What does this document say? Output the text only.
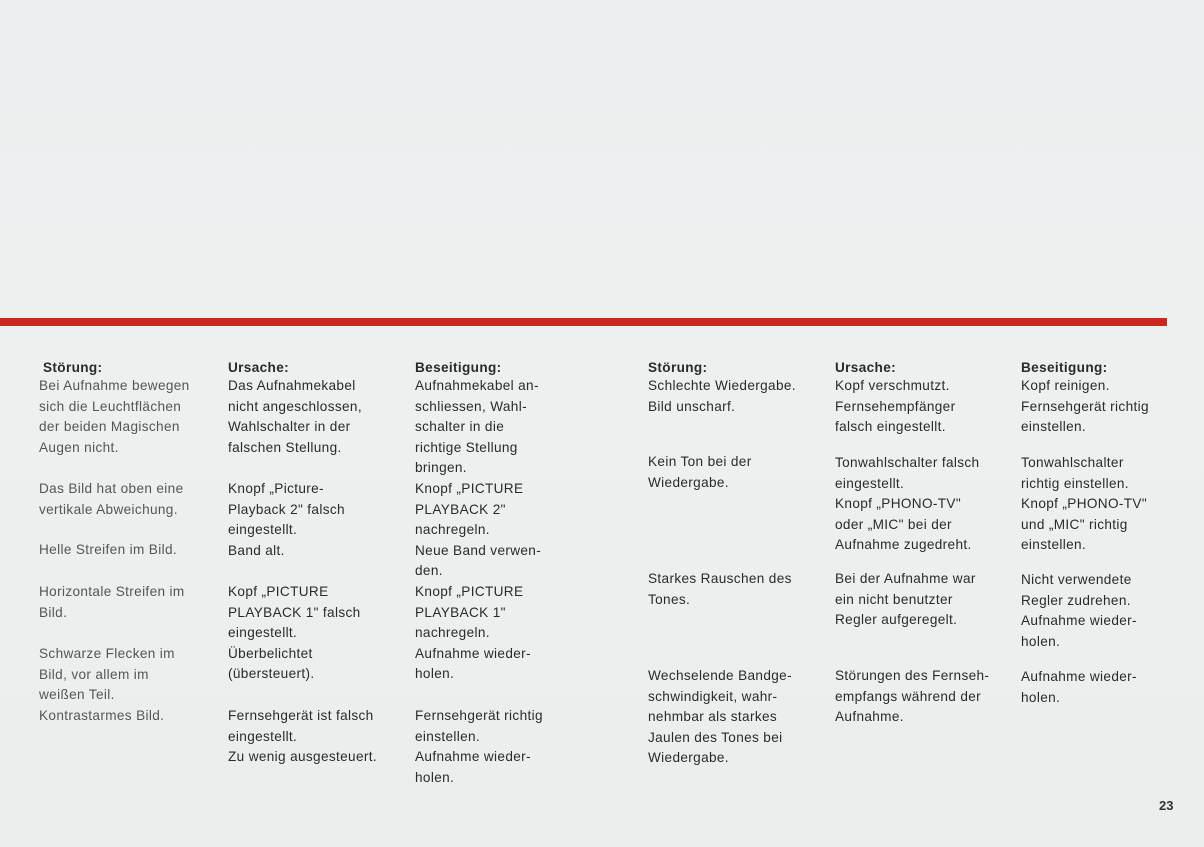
Störung:
Bei Aufnahme bewegen
sich die Leuchtflächen
der beiden Magischen
Augen nicht.
Das Bild hat oben eine
vertikale Abweichung.
Helle Streifen im Bild.
Horizontale Streifen im
Bild.
Schwarze Flecken im
Bild, vor allem im
weißen Teil.
Kontrastarmes Bild.
Ursache:
Das Aufnahmekabel
nicht angeschlossen,
Wahlschalter in der
falschen Stellung.
Knopf „Picture-
Playback 2" falsch
eingestellt.
Band alt.
Kopf „PICTURE
PLAYBACK 1" falsch
eingestellt.
Überbelichtet
(übersteuert).
Fernsehgerät ist falsch
eingestellt.
Zu wenig ausgesteuert.
Beseitigung:
Aufnahmekabel an-
schliessen, Wahl-
schalter in die
richtige Stellung
bringen.
Knopf „PICTURE
PLAYBACK 2"
nachregeln.
Neue Band verwen-
den.
Knopf „PICTURE
PLAYBACK 1"
nachregeln.
Aufnahme wieder-
holen.
Fernsehgerät richtig
einstellen.
Aufnahme wieder-
holen.
Störung:
Schlechte Wiedergabe.
Bild unscharf.
Kein Ton bei der
Wiedergabe.
Starkes Rauschen des
Tones.
Wechselende Bandge-
schwindigkeit, wahr-
nehmbar als starkes
Jaulen des Tones bei
Wiedergabe.
Ursache:
Kopf verschmutzt.
Fernsehempfänger
falsch eingestellt.
Tonwahlschalter falsch
eingestellt.
Knopf „PHONO-TV"
oder „MIC" bei der
Aufnahme zugedreht.
Bei der Aufnahme war
ein nicht benutzter
Regler aufgeregelt.
Störungen des Fernseh-
empfangs während der
Aufnahme.
Beseitigung:
Kopf reinigen.
Fernsehgerät richtig
einstellen.
Tonwahlschalter
richtig einstellen.
Knopf „PHONO-TV"
und „MIC" richtig
einstellen.
Nicht verwendete
Regler zudrehen.
Aufnahme wieder-
holen.
Aufnahme wieder-
holen.
23
